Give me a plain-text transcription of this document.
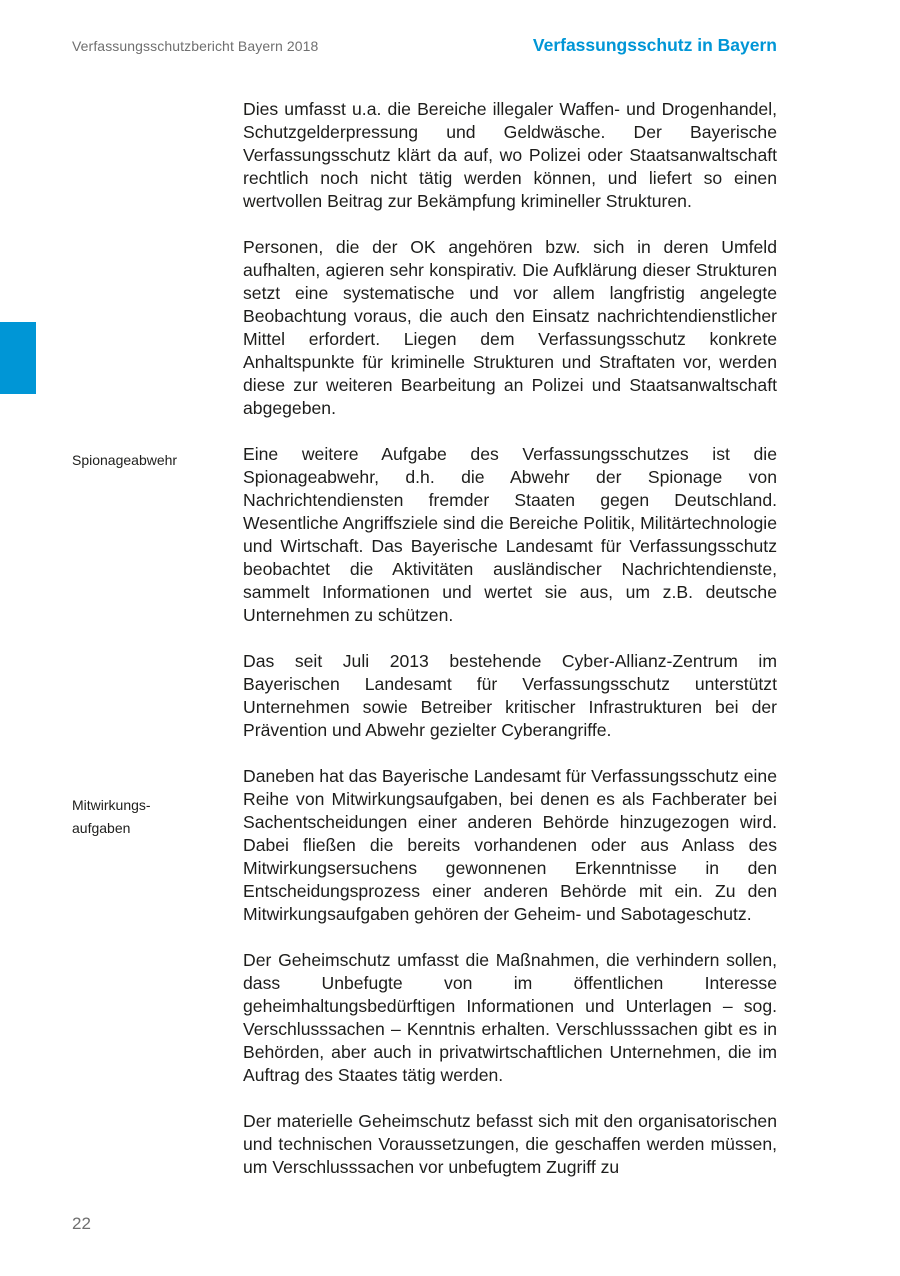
Verfassungsschutzbericht Bayern 2018	Verfassungsschutz in Bayern
Spionageabwehr
Mitwirkungs-
aufgaben

Dies umfasst u.a. die Bereiche illegaler Waffen- und Drogenhandel, Schutzgelderpressung und Geldwäsche. Der Bayerische Verfassungsschutz klärt da auf, wo Polizei oder Staatsanwaltschaft rechtlich noch nicht tätig werden können, und liefert so einen wertvollen Beitrag zur Bekämpfung krimineller Strukturen.

Personen, die der OK angehören bzw. sich in deren Umfeld aufhalten, agieren sehr konspirativ. Die Aufklärung dieser Strukturen setzt eine systematische und vor allem langfristig angelegte Beobachtung voraus, die auch den Einsatz nachrichtendienstlicher Mittel erfordert. Liegen dem Verfassungsschutz konkrete Anhaltspunkte für kriminelle Strukturen und Straftaten vor, werden diese zur weiteren Bearbeitung an Polizei und Staatsanwaltschaft abgegeben.

Eine weitere Aufgabe des Verfassungsschutzes ist die Spionageabwehr, d.h. die Abwehr der Spionage von Nachrichtendiensten fremder Staaten gegen Deutschland. Wesentliche Angriffsziele sind die Bereiche Politik, Militärtechnologie und Wirtschaft. Das Bayerische Landesamt für Verfassungsschutz beobachtet die Aktivitäten ausländischer Nachrichtendienste, sammelt Informationen und wertet sie aus, um z.B. deutsche Unternehmen zu schützen.

Das seit Juli 2013 bestehende Cyber-Allianz-Zentrum im Bayerischen Landesamt für Verfassungsschutz unterstützt Unternehmen sowie Betreiber kritischer Infrastrukturen bei der Prävention und Abwehr gezielter Cyberangriffe.

Daneben hat das Bayerische Landesamt für Verfassungsschutz eine Reihe von Mitwirkungsaufgaben, bei denen es als Fachberater bei Sachentscheidungen einer anderen Behörde hinzugezogen wird. Dabei fließen die bereits vorhandenen oder aus Anlass des Mitwirkungsersuchens gewonnenen Erkenntnisse in den Entscheidungsprozess einer anderen Behörde mit ein. Zu den Mitwirkungsaufgaben gehören der Geheim- und Sabotageschutz.

Der Geheimschutz umfasst die Maßnahmen, die verhindern sollen, dass Unbefugte von im öffentlichen Interesse geheimhaltungsbedürftigen Informationen und Unterlagen – sog. Verschlusssachen – Kenntnis erhalten. Verschlusssachen gibt es in Behörden, aber auch in privatwirtschaftlichen Unternehmen, die im Auftrag des Staates tätig werden.

Der materielle Geheimschutz befasst sich mit den organisatorischen und technischen Voraussetzungen, die geschaffen werden müssen, um Verschlusssachen vor unbefugtem Zugriff zu

22
